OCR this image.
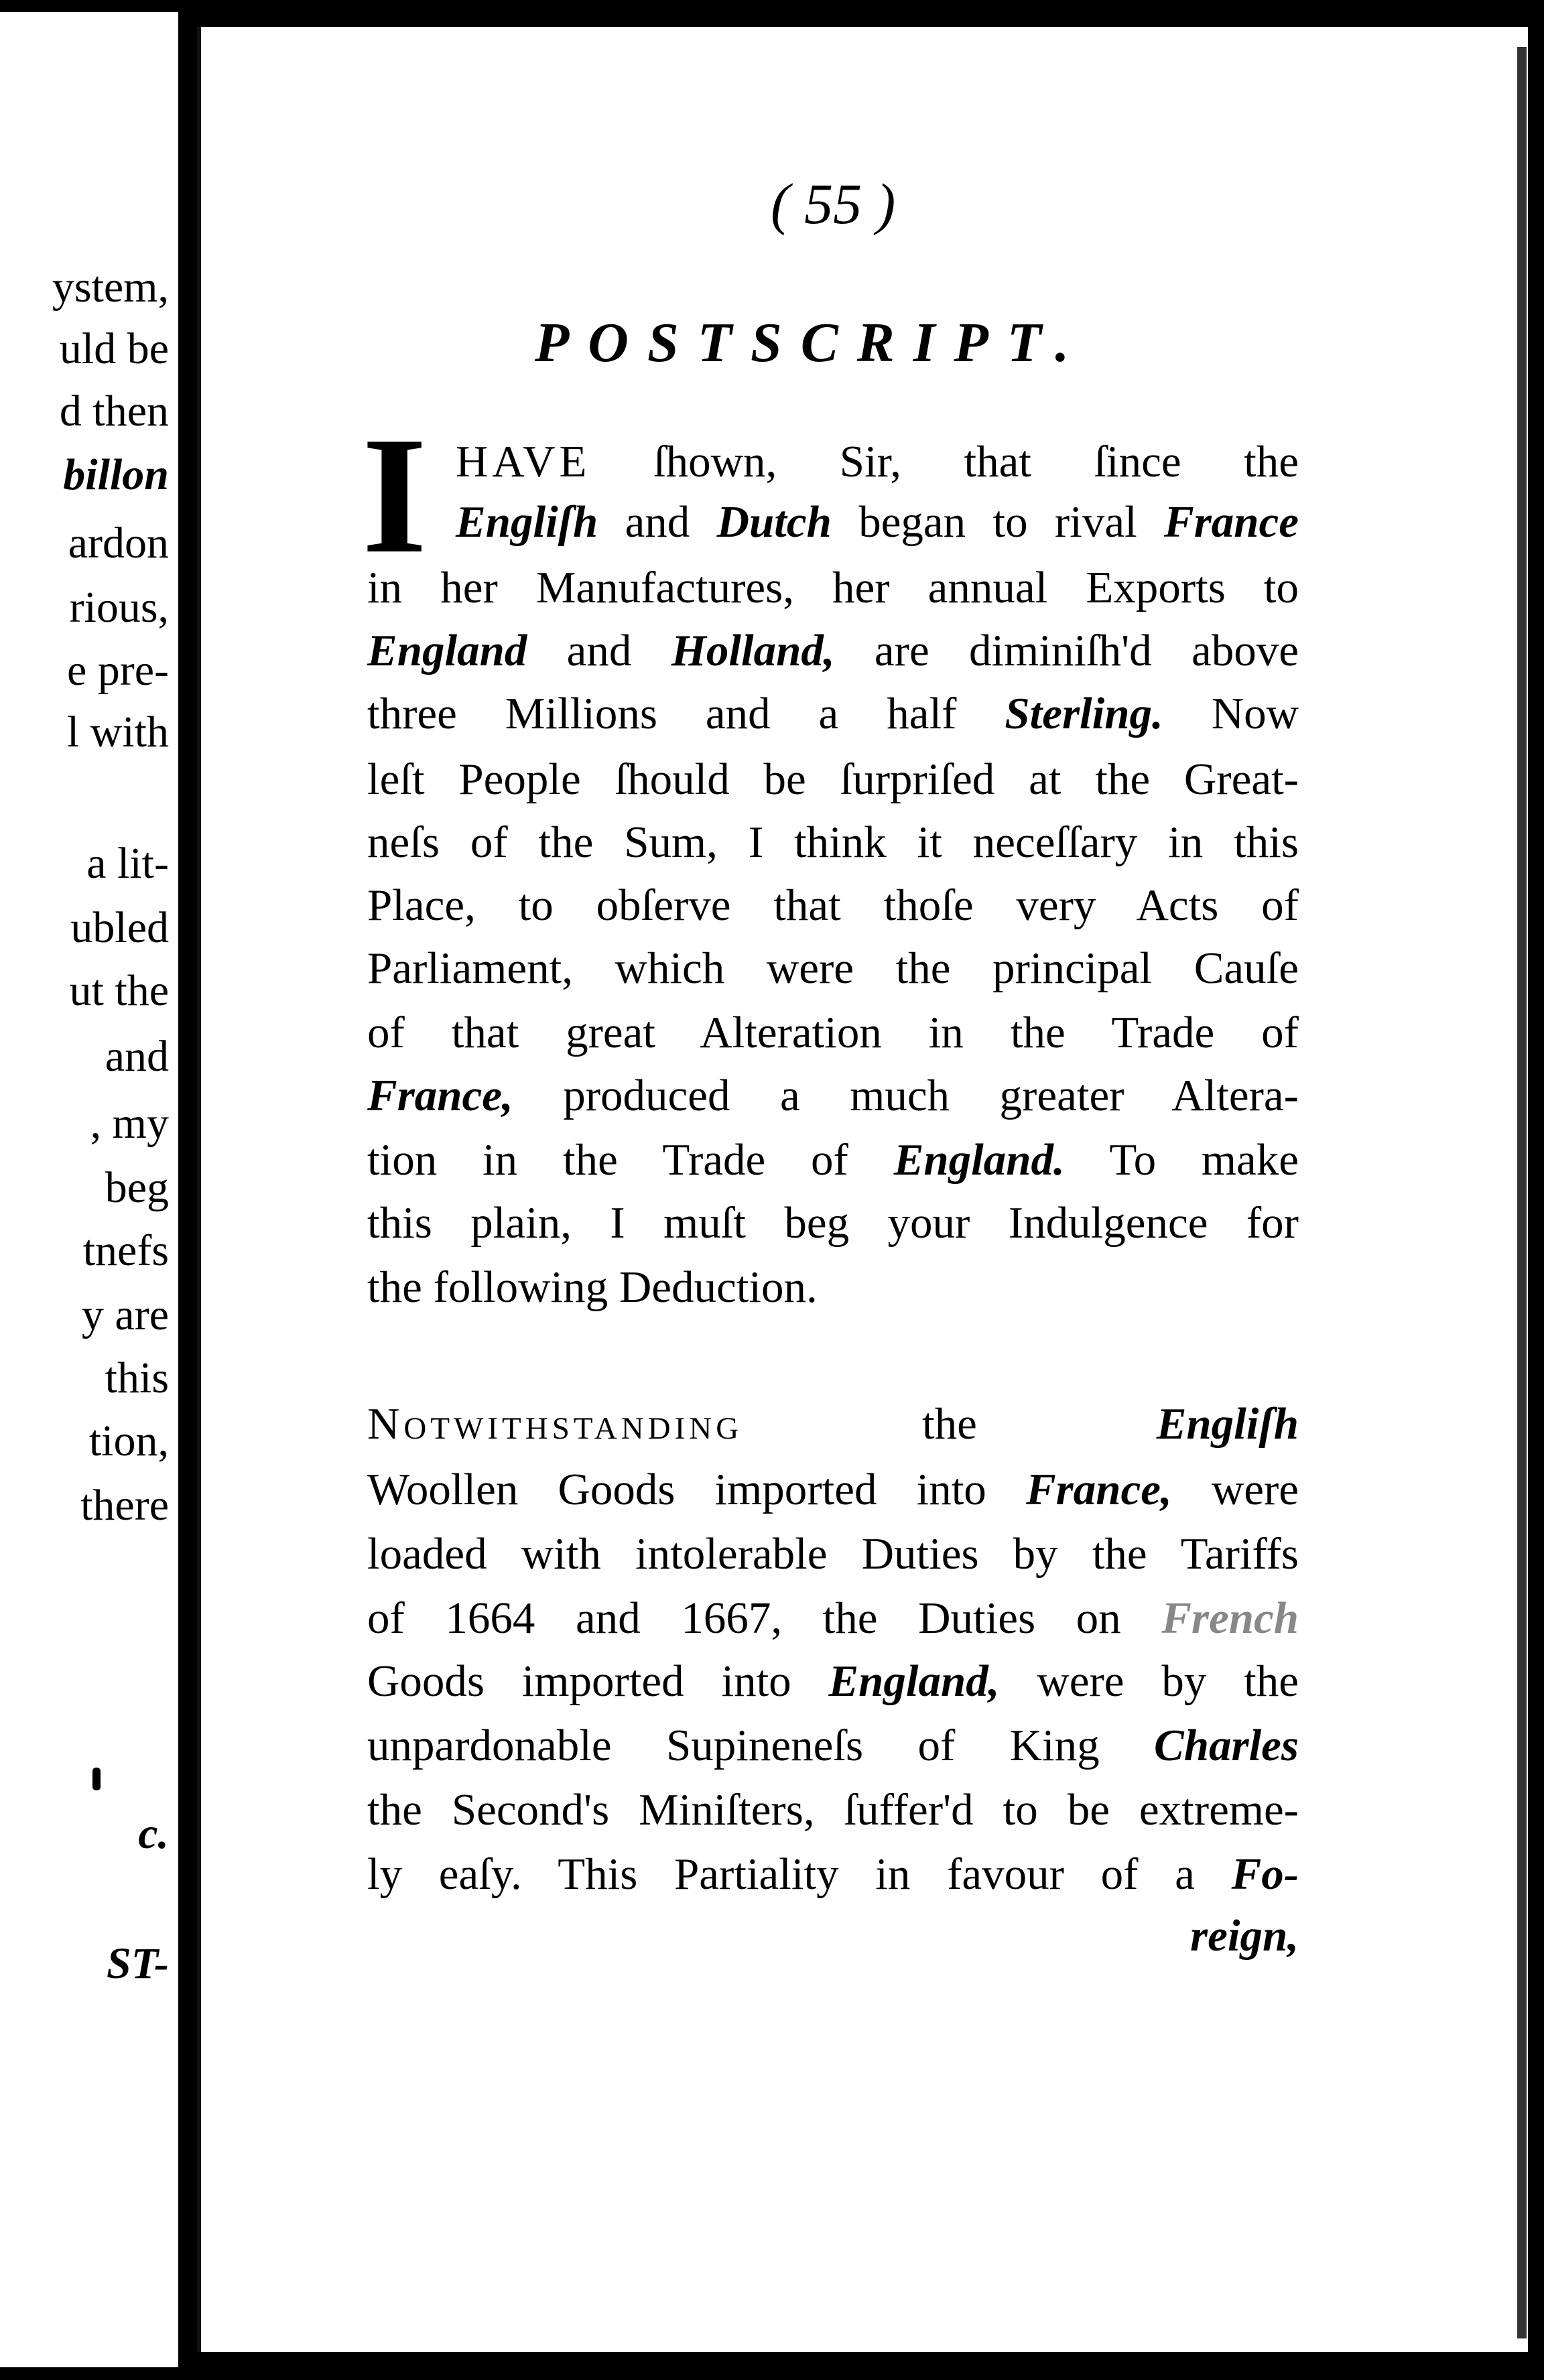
ystem,
uld be
d then
billon
ardon
rious,
e pre-
l with
a lit-
ubled
ut the
and
, my
beg
tnefs
y are
this
tion,
there
c.
ST-
( 55 )
POSTSCRIPT.
I HAVE ſhown, Sir, that ſince the
Engliſh and Dutch began to rival France
in her Manufactures, her annual Exports to
England and Holland, are diminiſh'd above
three Millions and a half Sterling. Now
leſt People ſhould be ſurpriſed at the Great-
neſs of the Sum, I think it neceſſary in this
Place, to obſerve that thoſe very Acts of
Parliament, which were the principal Cauſe
of that great Alteration in the Trade of
France, produced a much greater Altera-
tion in the Trade of England. To make
this plain, I muſt beg your Indulgence for
the following Deduction.
Notwithstanding the Engliſh
Woollen Goods imported into France, were
loaded with intolerable Duties by the Tariffs
of 1664 and 1667, the Duties on French
Goods imported into England, were by the
unpardonable Supineneſs of King Charles
the Second's Miniſters, ſuffer'd to be extreme-
ly eaſy. This Partiality in favour of a Fo-
reign,
